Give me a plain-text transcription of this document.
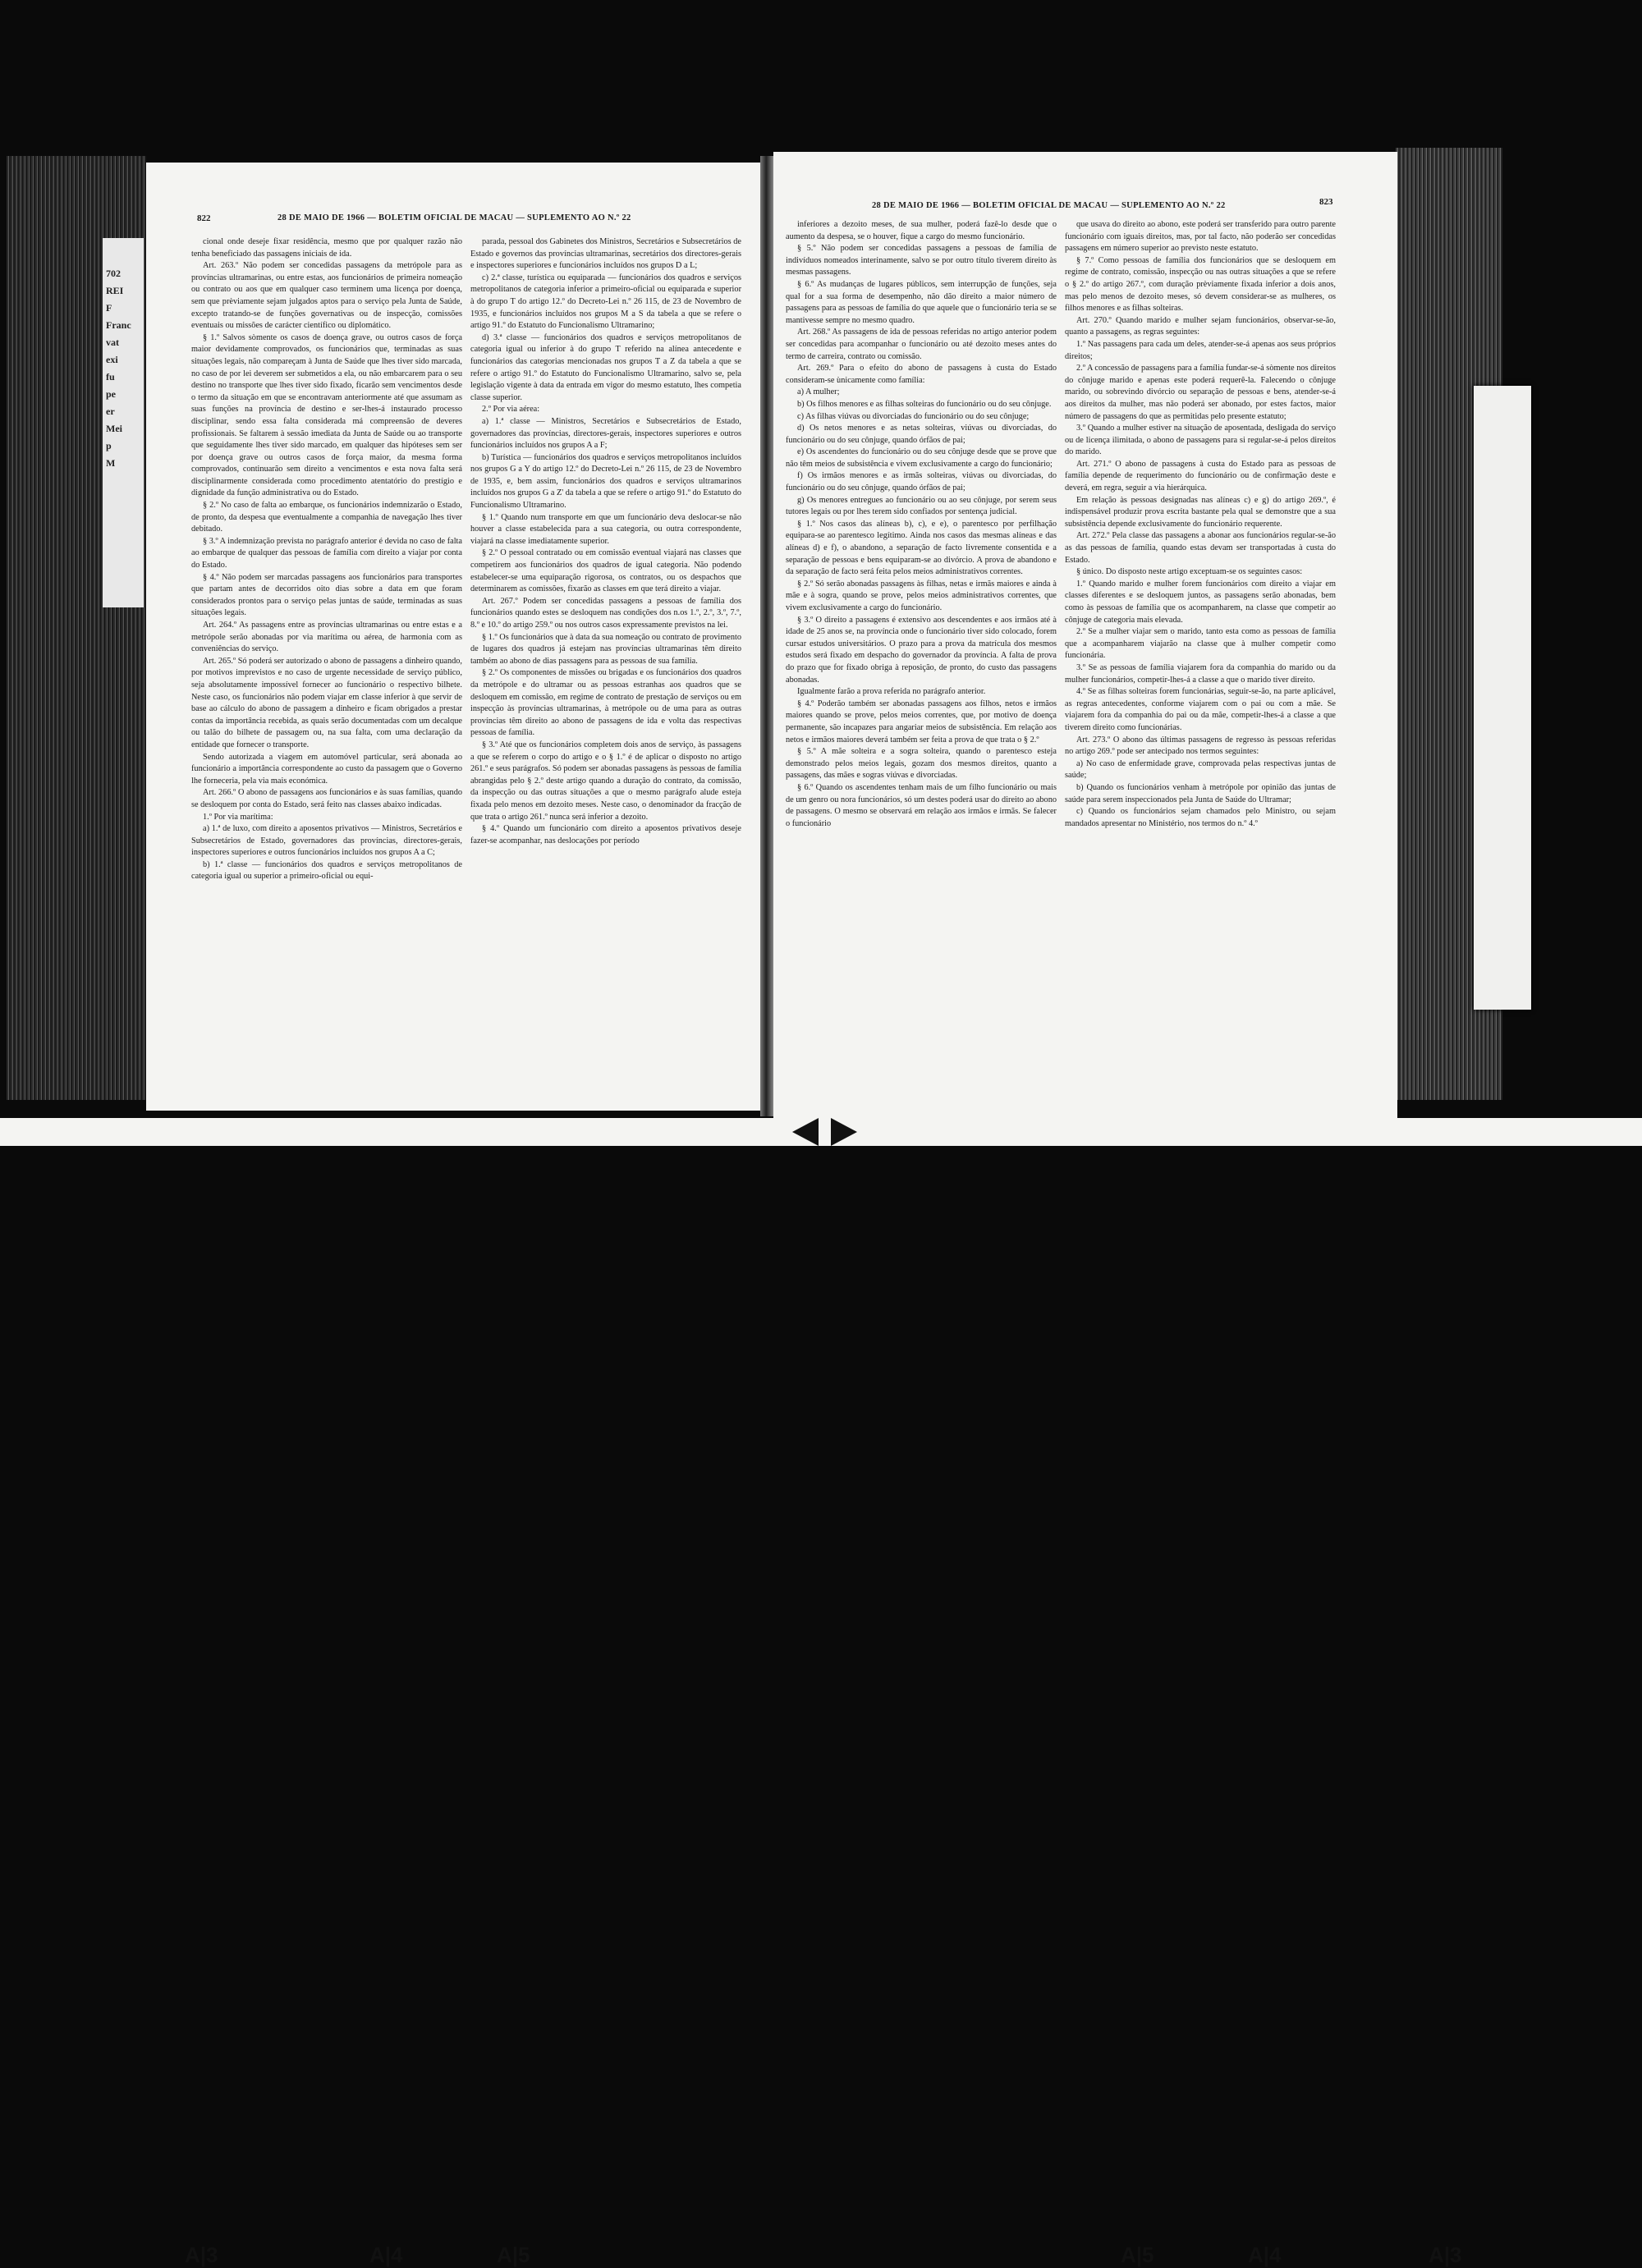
702
REI
F
Franc
vat
exi
fu
pe
er
Mei
p
M
822	28 DE MAIO DE 1966 — BOLETIM OFICIAL DE MACAU — SUPLEMENTO AO N.º 22

cional onde deseje fixar residência, mesmo que por qualquer razão não tenha beneficiado das passagens iniciais de ida.

Art. 263.º Não podem ser concedidas passagens da metrópole para as províncias ultramarinas, ou entre estas, aos funcionários de primeira nomeação ou contrato ou aos que em qualquer caso terminem uma licença por doença, sem que prèviamente sejam julgados aptos para o serviço pela Junta de Saúde, excepto tratando-se de funções governativas ou de inspecção, comissões eventuais ou missões de carácter científico ou diplomático.

§ 1.º Salvos sòmente os casos de doença grave, ou outros casos de força maior devidamente comprovados, os funcionários que, terminadas as suas situações legais, não compareçam à Junta de Saúde que lhes tiver sido marcada, no caso de por lei deverem ser submetidos a ela, ou não embarcarem para o seu destino no transporte que lhes tiver sido fixado, ficarão sem vencimentos desde o termo da situação em que se encontravam anteriormente até que assumam as suas funções na província de destino e ser-lhes-á instaurado processo disciplinar, sendo essa falta considerada má compreensão de deveres profissionais. Se faltarem à sessão imediata da Junta de Saúde ou ao transporte que seguidamente lhes tiver sido marcado, em qualquer das hipóteses sem ser por doença grave ou outros casos de força maior, da mesma forma comprovados, continuarão sem direito a vencimentos e esta nova falta será disciplinarmente considerada como procedimento atentatório do prestígio e dignidade da função administrativa ou do Estado.

§ 2.º No caso de falta ao embarque, os funcionários indemnizarão o Estado, de pronto, da despesa que eventualmente a companhia de navegação lhes tiver debitado.

§ 3.º A indemnização prevista no parágrafo anterior é devida no caso de falta ao embarque de qualquer das pessoas de família com direito a viajar por conta do Estado.

§ 4.º Não podem ser marcadas passagens aos funcionários para transportes que partam antes de decorridos oito dias sobre a data em que foram considerados prontos para o serviço pelas juntas de saúde, terminadas as suas situações legais.

Art. 264.º As passagens entre as províncias ultramarinas ou entre estas e a metrópole serão abonadas por via marítima ou aérea, de harmonia com as conveniências do serviço.

Art. 265.º Só poderá ser autorizado o abono de passagens a dinheiro quando, por motivos imprevistos e no caso de urgente necessidade de serviço público, seja absolutamente impossível fornecer ao funcionário o respectivo bilhete. Neste caso, os funcionários não podem viajar em classe inferior à que servir de base ao cálculo do abono de passagem a dinheiro e ficam obrigados a prestar contas da importância recebida, as quais serão documentadas com um decalque ou talão do bilhete de passagem ou, na sua falta, com uma declaração da entidade que fornecer o transporte.

Sendo autorizada a viagem em automóvel particular, será abonada ao funcionário a importância correspondente ao custo da passagem que o Governo lhe forneceria, pela via mais económica.

Art. 266.º O abono de passagens aos funcionários e às suas famílias, quando se desloquem por conta do Estado, será feito nas classes abaixo indicadas.

1.º Por via marítima:

a) 1.ª de luxo, com direito a aposentos privativos — Ministros, Secretários e Subsecretários de Estado, governadores das províncias, directores-gerais, inspectores superiores e outros funcionários incluídos nos grupos A a C;

b) 1.ª classe — funcionários dos quadros e serviços metropolitanos de categoria igual ou superior a primeiro-oficial ou equi-

parada, pessoal dos Gabinetes dos Ministros, Secretários e Subsecretários de Estado e governos das províncias ultramarinas, secretários dos directores-gerais e inspectores superiores e funcionários incluídos nos grupos D a L;

c) 2.ª classe, turística ou equiparada — funcionários dos quadros e serviços metropolitanos de categoria inferior a primeiro-oficial ou equiparada e superior à do grupo T do artigo 12.º do Decreto-Lei n.º 26 115, de 23 de Novembro de 1935, e funcionários incluídos nos grupos M a S da tabela a que se refere o artigo 91.º do Estatuto do Funcionalismo Ultramarino;

d) 3.ª classe — funcionários dos quadros e serviços metropolitanos de categoria igual ou inferior à do grupo T referido na alínea antecedente e funcionários das categorias mencionadas nos grupos T a Z da tabela a que se refere o artigo 91.º do Estatuto do Funcionalismo Ultramarino, salvo se, pela legislação vigente à data da entrada em vigor do mesmo estatuto, lhes competia classe superior.

2.º Por via aérea:

a) 1.ª classe — Ministros, Secretários e Subsecretários de Estado, governadores das províncias, directores-gerais, inspectores superiores e outros funcionários incluídos nos grupos A a F;

b) Turística — funcionários dos quadros e serviços metropolitanos incluídos nos grupos G a Y do artigo 12.º do Decreto-Lei n.º 26 115, de 23 de Novembro de 1935, e, bem assim, funcionários dos quadros e serviços ultramarinos incluídos nos grupos G a Z' da tabela a que se refere o artigo 91.º do Estatuto do Funcionalismo Ultramarino.

§ 1.º Quando num transporte em que um funcionário deva deslocar-se não houver a classe estabelecida para a sua categoria, ou outra correspondente, viajará na classe imediatamente superior.

§ 2.º O pessoal contratado ou em comissão eventual viajará nas classes que competirem aos funcionários dos quadros de igual categoria. Não podendo estabelecer-se uma equiparação rigorosa, os contratos, ou os despachos que determinarem as comissões, fixarão as classes em que terá direito a viajar.

Art. 267.º Podem ser concedidas passagens a pessoas de família dos funcionários quando estes se desloquem nas condições dos n.os 1.º, 2.º, 3.º, 7.º, 8.º e 10.º do artigo 259.º ou nos outros casos expressamente previstos na lei.

§ 1.º Os funcionários que à data da sua nomeação ou contrato de provimento de lugares dos quadros já estejam nas províncias ultramarinas têm direito também ao abono de dias passagens para as pessoas de sua família.

§ 2.º Os componentes de missões ou brigadas e os funcionários dos quadros da metrópole e do ultramar ou as pessoas estranhas aos quadros que se desloquem em comissão, em regime de contrato de prestação de serviços ou em inspecção às províncias ultramarinas, à metrópole ou de uma para as outras províncias têm direito ao abono de passagens de ida e volta das respectivas pessoas de família.

§ 3.º Até que os funcionários completem dois anos de serviço, às passagens a que se referem o corpo do artigo e o § 1.º é de aplicar o disposto no artigo 261.º e seus parágrafos. Só podem ser abonadas passagens às pessoas de família abrangidas pelo § 2.º deste artigo quando a duração do contrato, da comissão, da inspecção ou das outras situações a que o mesmo parágrafo alude esteja fixada pelo menos em dezoito meses. Neste caso, o denominador da fracção de que trata o artigo 261.º nunca será inferior a dezoito.

§ 4.º Quando um funcionário com direito a aposentos privativos deseje fazer-se acompanhar, nas deslocações por período

28 DE MAIO DE 1966 — BOLETIM OFICIAL DE MACAU — SUPLEMENTO AO N.º 22	823

inferiores a dezoito meses, de sua mulher, poderá fazê-lo desde que o aumento da despesa, se o houver, fique a cargo do mesmo funcionário.

§ 5.º Não podem ser concedidas passagens a pessoas de família de indivíduos nomeados interinamente, salvo se por outro título tiverem direito às mesmas passagens.

§ 6.º As mudanças de lugares públicos, sem interrupção de funções, seja qual for a sua forma de desempenho, não dão direito a maior número de passagens para as pessoas de família do que aquele que o funcionário teria se se mantivesse sempre no mesmo quadro.

Art. 268.º As passagens de ida de pessoas referidas no artigo anterior podem ser concedidas para acompanhar o funcionário ou até dezoito meses antes do termo de carreira, contrato ou comissão.

Art. 269.º Para o efeito do abono de passagens à custa do Estado consideram-se ùnicamente como família:

a) A mulher;

b) Os filhos menores e as filhas solteiras do funcionário ou do seu cônjuge.

c) As filhas viúvas ou divorciadas do funcionário ou do seu cônjuge;

d) Os netos menores e as netas solteiras, viúvas ou divorciadas, do funcionário ou do seu cônjuge, quando órfãos de pai;

e) Os ascendentes do funcionário ou do seu cônjuge desde que se prove que não têm meios de subsistência e vivem exclusivamente a cargo do funcionário;

f) Os irmãos menores e as irmãs solteiras, viúvas ou divorciadas, do funcionário ou do seu cônjuge, quando órfãos de pai;

g) Os menores entregues ao funcionário ou ao seu cônjuge, por serem seus tutores legais ou por lhes terem sido confiados por sentença judicial.

§ 1.º Nos casos das alíneas b), c), e e), o parentesco por perfilhação equipara-se ao parentesco legítimo. Ainda nos casos das mesmas alíneas e das alíneas d) e f), o abandono, a separação de facto livremente consentida e a separação de pessoas e bens equiparam-se ao divórcio. A prova de abandono e da separação de facto será feita pelos meios administrativos correntes.

§ 2.º Só serão abonadas passagens às filhas, netas e irmãs maiores e ainda à mãe e à sogra, quando se prove, pelos meios administrativos correntes, que vivem exclusivamente a cargo do funcionário.

§ 3.º O direito a passagens é extensivo aos descendentes e aos irmãos até à idade de 25 anos se, na província onde o funcionário tiver sido colocado, forem cursar estudos universitários. O prazo para a prova da matrícula dos mesmos estudos será fixado em despacho do governador da província. A falta de prova do prazo que for fixado obriga à reposição, de pronto, do custo das passagens abonadas.

Igualmente farão a prova referida no parágrafo anterior.

§ 4.º Poderão também ser abonadas passagens aos filhos, netos e irmãos maiores quando se prove, pelos meios correntes, que, por motivo de doença permanente, são incapazes para angariar meios de subsistência. Em relação aos netos e irmãos maiores deverá também ser feita a prova de que trata o § 2.º

§ 5.º A mãe solteira e a sogra solteira, quando o parentesco esteja demonstrado pelos meios legais, gozam dos mesmos direitos, quanto a passagens, das mães e sogras viúvas e divorciadas.

§ 6.º Quando os ascendentes tenham mais de um filho funcionário ou mais de um genro ou nora funcionários, só um destes poderá usar do direito ao abono de passagens. O mesmo se observará em relação aos irmãos e irmãs. Se falecer o funcionário

que usava do direito ao abono, este poderá ser transferido para outro parente funcionário com iguais direitos, mas, por tal facto, não poderão ser concedidas passagens em número superior ao previsto neste estatuto.

§ 7.º Como pessoas de família dos funcionários que se desloquem em regime de contrato, comissão, inspecção ou nas outras situações a que se refere o § 2.º do artigo 267.º, com duração prèviamente fixada inferior a dois anos, mas pelo menos de dezoito meses, só devem considerar-se as mulheres, os filhos menores e as filhas solteiras.

Art. 270.º Quando marido e mulher sejam funcionários, observar-se-ão, quanto a passagens, as regras seguintes:

1.º Nas passagens para cada um deles, atender-se-á apenas aos seus próprios direitos;

2.º A concessão de passagens para a família fundar-se-á sòmente nos direitos do cônjuge marido e apenas este poderá requerê-la. Falecendo o cônjuge marido, ou sobrevindo divórcio ou separação de pessoas e bens, atender-se-á aos direitos da mulher, mas não poderá ser abonado, por estes factos, maior número de passagens do que as permitidas pelo presente estatuto;

3.º Quando a mulher estiver na situação de aposentada, desligada do serviço ou de licença ilimitada, o abono de passagens para si regular-se-á pelos direitos do marido.

Art. 271.º O abono de passagens à custa do Estado para as pessoas de família depende de requerimento do funcionário ou de confirmação deste e deverá, em regra, seguir a via hierárquica.

Em relação às pessoas designadas nas alíneas c) e g) do artigo 269.º, é indispensável produzir prova escrita bastante pela qual se demonstre que a sua subsistência depende exclusivamente do funcionário requerente.

Art. 272.º Pela classe das passagens a abonar aos funcionários regular-se-ão as das pessoas de família, quando estas devam ser transportadas à custa do Estado.

§ único. Do disposto neste artigo exceptuam-se os seguintes casos:

1.º Quando marido e mulher forem funcionários com direito a viajar em classes diferentes e se desloquem juntos, as passagens serão abonadas, bem como às pessoas de família que os acompanharem, na classe que competir ao cônjuge de categoria mais elevada.

2.º Se a mulher viajar sem o marido, tanto esta como as pessoas de família que a acompanharem viajarão na classe que à mulher competir como funcionária.

3.º Se as pessoas de família viajarem fora da companhia do marido ou da mulher funcionários, competir-lhes-á a classe a que o marido tiver direito.

4.º Se as filhas solteiras forem funcionárias, seguir-se-ão, na parte aplicável, as regras antecedentes, conforme viajarem com o pai ou com a mãe. Se viajarem fora da companhia do pai ou da mãe, competir-lhes-á a classe a que tiverem direito como funcionárias.

Art. 273.º O abono das últimas passagens de regresso às pessoas referidas no artigo 269.º pode ser antecipado nos termos seguintes:

a) No caso de enfermidade grave, comprovada pelas respectivas juntas de saúde;

b) Quando os funcionários venham à metrópole por opinião das juntas de saúde para serem inspeccionados pela Junta de Saúde do Ultramar;

c) Quando os funcionários sejam chamados pelo Ministro, ou sejam mandados apresentar no Ministério, nos termos do n.º 4.º

A|3	A|4	A|5	A|5	A|4	A|3
